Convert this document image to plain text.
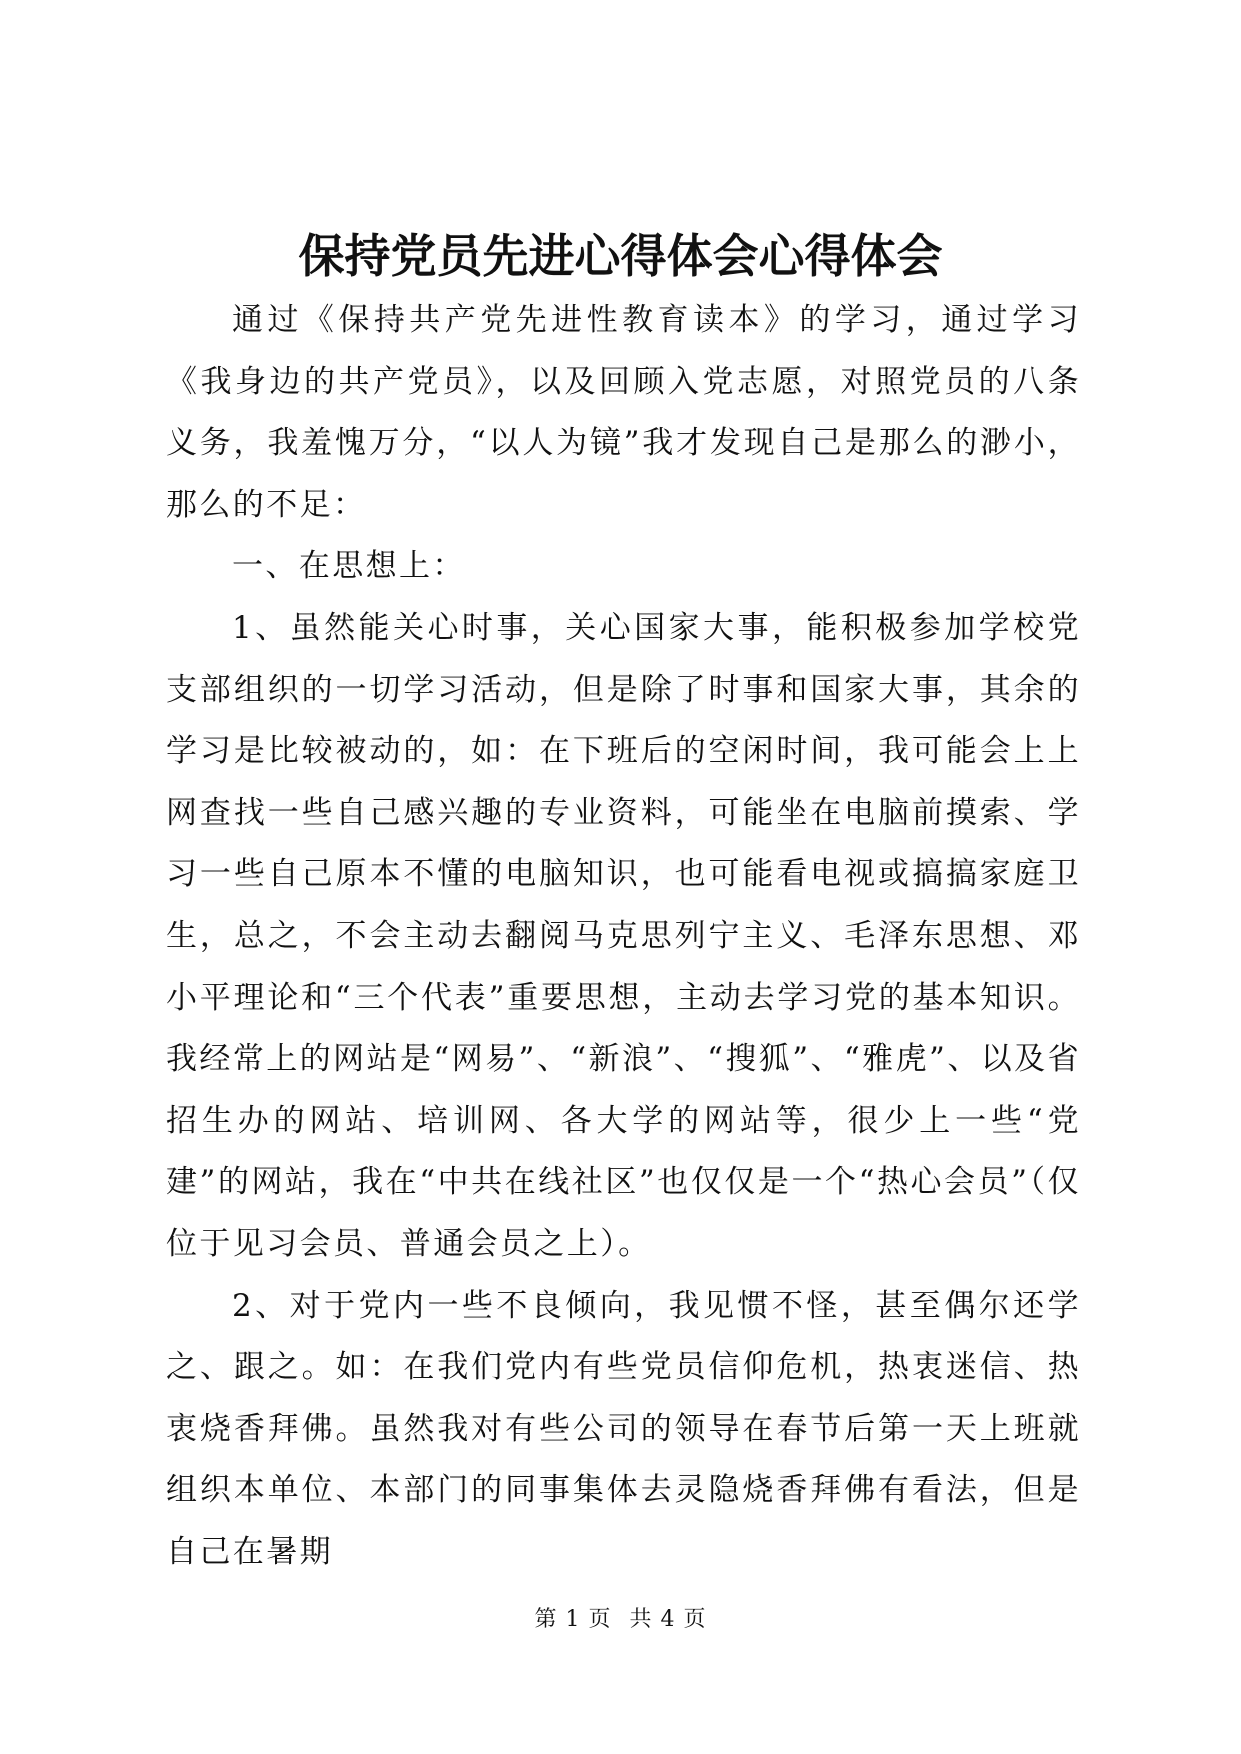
保持党员先进心得体会心得体会

通过《保持共产党先进性教育读本》的学习，通过学习《我身边的共产党员》，以及回顾入党志愿，对照党员的八条义务，我羞愧万分，“以人为镜”我才发现自己是那么的渺小，那么的不足：

一、在思想上：

1、虽然能关心时事，关心国家大事，能积极参加学校党支部组织的一切学习活动，但是除了时事和国家大事，其余的学习是比较被动的，如：在下班后的空闲时间，我可能会上上网查找一些自己感兴趣的专业资料，可能坐在电脑前摸索、学习一些自己原本不懂的电脑知识，也可能看电视或搞搞家庭卫生，总之，不会主动去翻阅马克思列宁主义、毛泽东思想、邓小平理论和“三个代表”重要思想，主动去学习党的基本知识。我经常上的网站是“网易”、“新浪”、“搜狐”、“雅虎”、以及省招生办的网站、培训网、各大学的网站等，很少上一些“党建”的网站，我在“中共在线社区”也仅仅是一个“热心会员”（仅位于见习会员、普通会员之上）。

2、对于党内一些不良倾向，我见惯不怪，甚至偶尔还学之、跟之。如：在我们党内有些党员信仰危机，热衷迷信、热衷烧香拜佛。虽然我对有些公司的领导在春节后第一天上班就组织本单位、本部门的同事集体去灵隐烧香拜佛有看法，但是自己在暑期

第 1 页 共 4 页
